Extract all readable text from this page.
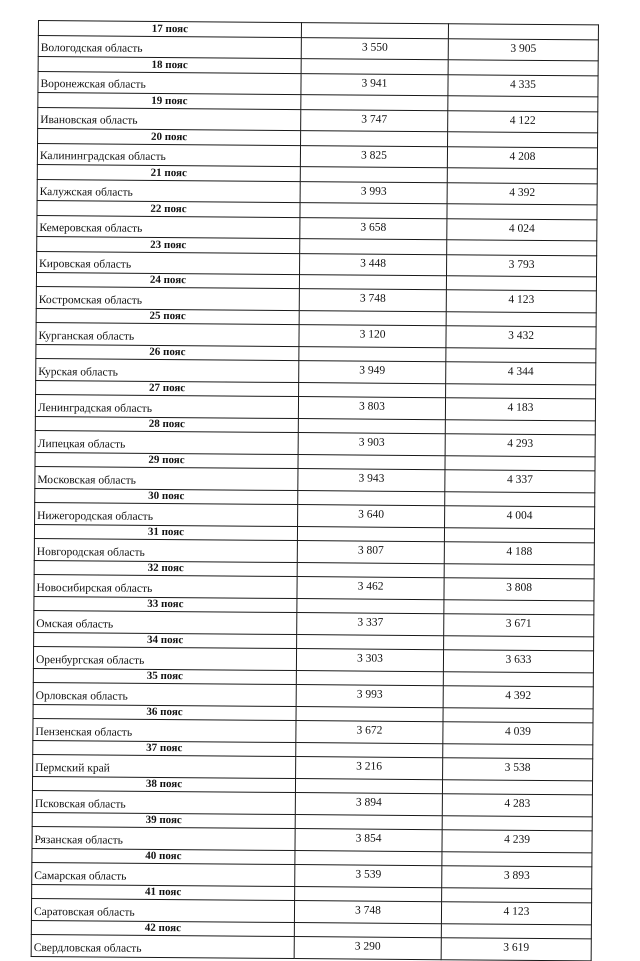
17 пояс		
Вологодская область	3 550	3 905
18 пояс		
Воронежская область	3 941	4 335
19 пояс		
Ивановская область	3 747	4 122
20 пояс		
Калининградская область	3 825	4 208
21 пояс		
Калужская область	3 993	4 392
22 пояс		
Кемеровская область	3 658	4 024
23 пояс		
Кировская область	3 448	3 793
24 пояс		
Костромская область	3 748	4 123
25 пояс		
Курганская область	3 120	3 432
26 пояс		
Курская область	3 949	4 344
27 пояс		
Ленинградская область	3 803	4 183
28 пояс		
Липецкая область	3 903	4 293
29 пояс		
Московская область	3 943	4 337
30 пояс		
Нижегородская область	3 640	4 004
31 пояс		
Новгородская область	3 807	4 188
32 пояс		
Новосибирская область	3 462	3 808
33 пояс		
Омская область	3 337	3 671
34 пояс		
Оренбургская область	3 303	3 633
35 пояс		
Орловская область	3 993	4 392
36 пояс		
Пензенская область	3 672	4 039
37 пояс		
Пермский край	3 216	3 538
38 пояс		
Псковская область	3 894	4 283
39 пояс		
Рязанская область	3 854	4 239
40 пояс		
Самарская область	3 539	3 893
41 пояс		
Саратовская область	3 748	4 123
42 пояс		
Свердловская область	3 290	3 619
